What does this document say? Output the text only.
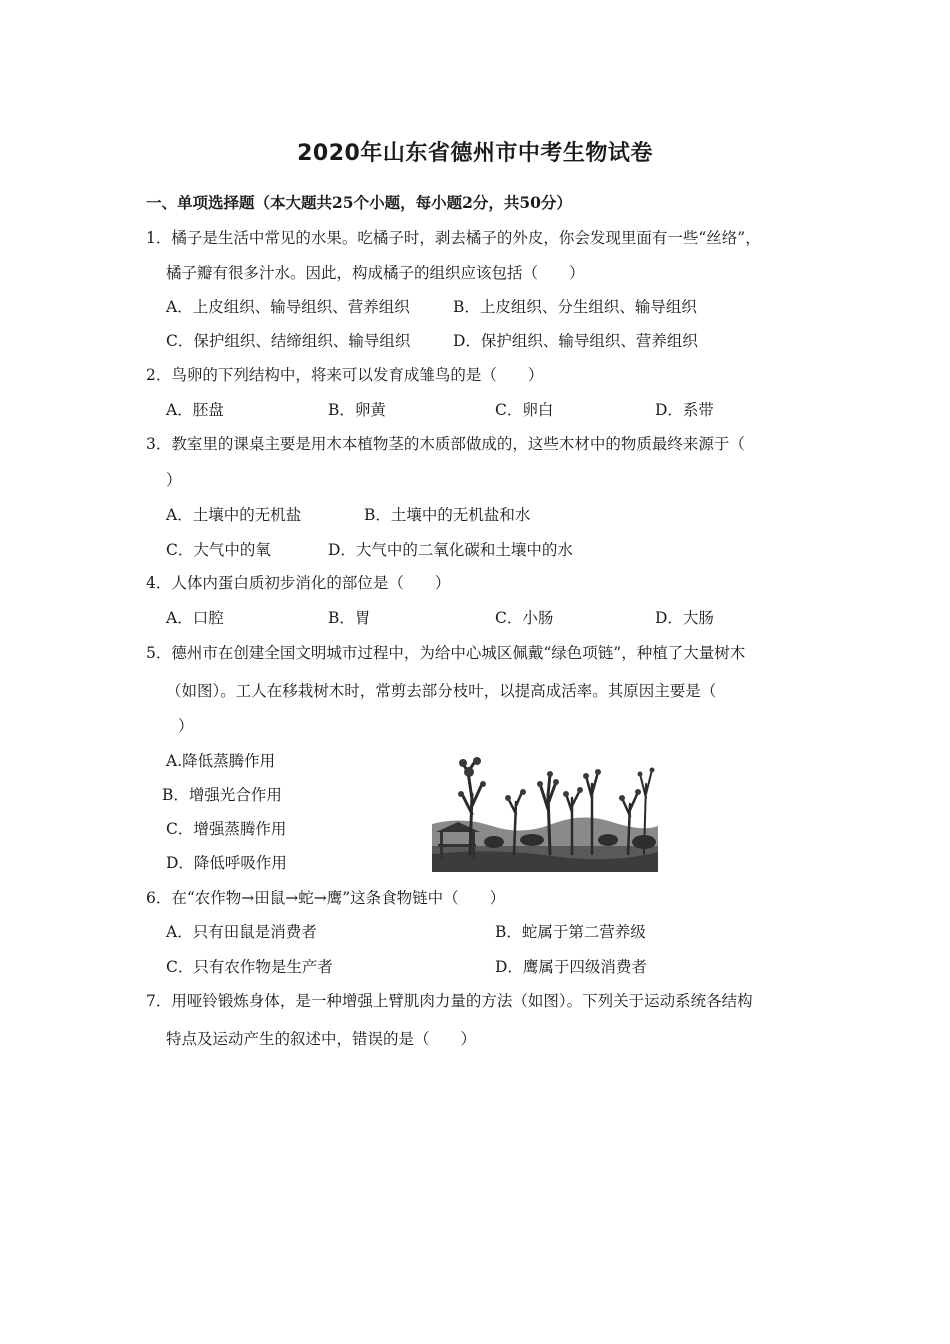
2020年山东省德州市中考生物试卷
一、单项选择题（本大题共25个小题，每小题2分，共50分）
1．橘子是生活中常见的水果。吃橘子时，剥去橘子的外皮，你会发现里面有一些“丝络”，
橘子瓣有很多汁水。因此，构成橘子的组织应该包括（　　）
A．上皮组织、输导组织、营养组织	B．上皮组织、分生组织、输导组织
C．保护组织、结缔组织、输导组织	D．保护组织、输导组织、营养组织
2．鸟卵的下列结构中，将来可以发育成雏鸟的是（　　）
A．胚盘	B．卵黄	C．卵白	D．系带
3．教室里的课桌主要是用木本植物茎的木质部做成的，这些木材中的物质最终来源于（
）
A．土壤中的无机盐	B．土壤中的无机盐和水
C．大气中的氧	D．大气中的二氧化碳和土壤中的水
4．人体内蛋白质初步消化的部位是（　　）
A．口腔	B．胃	C．小肠	D．大肠
5．德州市在创建全国文明城市过程中，为给中心城区佩戴“绿色项链”，种植了大量树木
（如图）。工人在移栽树木时，常剪去部分枝叶，以提高成活率。其原因主要是（
）
A.降低蒸腾作用
B．增强光合作用
C．增强蒸腾作用
D．降低呼吸作用
6．在“农作物→田鼠→蛇→鹰”这条食物链中（　　）
A．只有田鼠是消费者	B．蛇属于第二营养级
C．只有农作物是生产者	D．鹰属于四级消费者
7．用哑铃锻炼身体，是一种增强上臂肌肉力量的方法（如图）。下列关于运动系统各结构
特点及运动产生的叙述中，错误的是（　　）
